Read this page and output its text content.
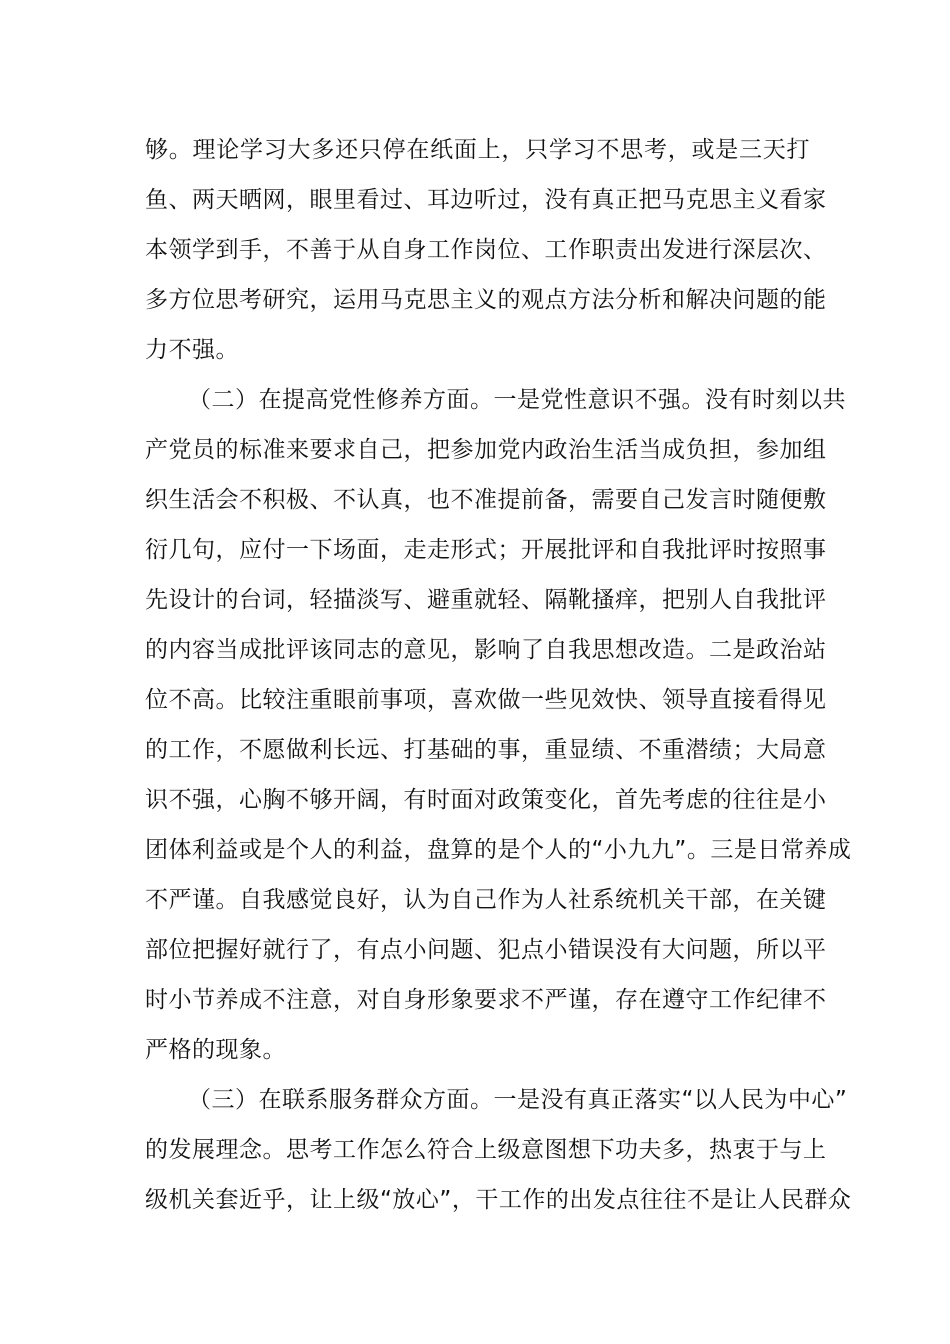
够。理论学习大多还只停在纸面上，只学习不思考，或是三天打
鱼、两天晒网，眼里看过、耳边听过，没有真正把马克思主义看家
本领学到手，不善于从自身工作岗位、工作职责出发进行深层次、
多方位思考研究，运用马克思主义的观点方法分析和解决问题的能
力不强。
（二）在提高党性修养方面。一是党性意识不强。没有时刻以共
产党员的标准来要求自己，把参加党内政治生活当成负担，参加组
织生活会不积极、不认真，也不准提前备，需要自己发言时随便敷
衍几句，应付一下场面，走走形式；开展批评和自我批评时按照事
先设计的台词，轻描淡写、避重就轻、隔靴搔痒，把别人自我批评
的内容当成批评该同志的意见，影响了自我思想改造。二是政治站
位不高。比较注重眼前事项，喜欢做一些见效快、领导直接看得见
的工作，不愿做利长远、打基础的事，重显绩、不重潜绩；大局意
识不强，心胸不够开阔，有时面对政策变化，首先考虑的往往是小
团体利益或是个人的利益，盘算的是个人的“小九九”。三是日常养成
不严谨。自我感觉良好，认为自己作为人社系统机关干部，在关键
部位把握好就行了，有点小问题、犯点小错误没有大问题，所以平
时小节养成不注意，对自身形象要求不严谨，存在遵守工作纪律不
严格的现象。
（三）在联系服务群众方面。一是没有真正落实“以人民为中心”
的发展理念。思考工作怎么符合上级意图想下功夫多，热衷于与上
级机关套近乎，让上级“放心”，干工作的出发点往往不是让人民群众
